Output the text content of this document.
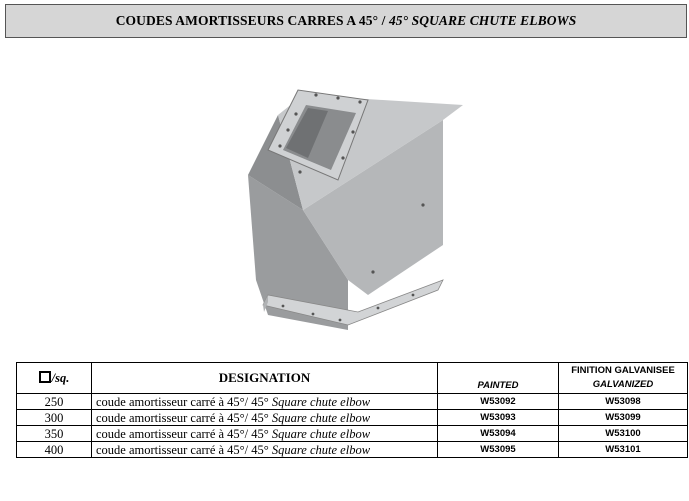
COUDES AMORTISSEURS CARRES A 45° /
45° SQUARE CHUTE ELBOWS
/sq.	DESIGNATION	PAINTED	FINITION GALVANISEE
GALVANIZED

250	coude amortisseur carré à 45°/ 45° Square chute elbow	W53092	W53098
300	coude amortisseur carré à 45°/ 45° Square chute elbow	W53093	W53099
350	coude amortisseur carré à 45°/ 45° Square chute elbow	W53094	W53100
400	coude amortisseur carré à 45°/ 45° Square chute elbow	W53095	W53101
